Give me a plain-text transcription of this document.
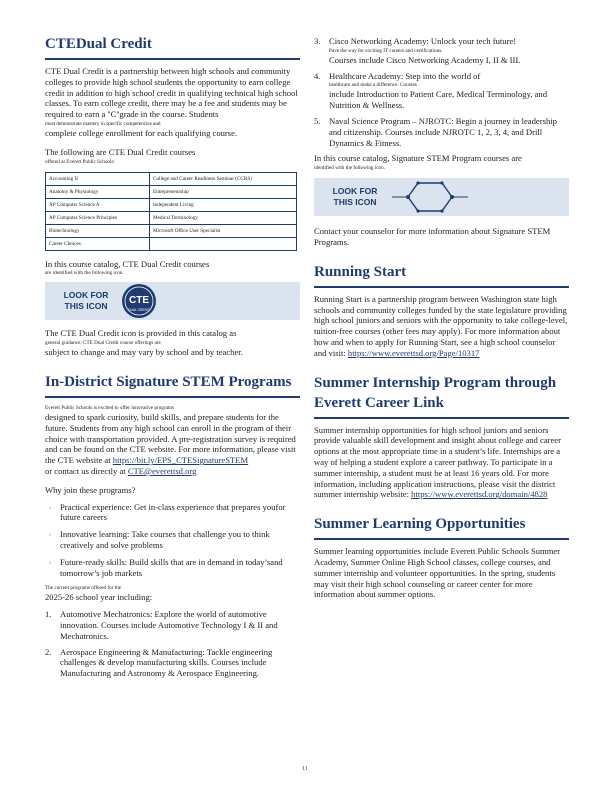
CTEDual Credit

CTE Dual Credit is a partnership between high schools and community colleges to provide high school students the opportunity to earn college credit in addition to high school credit in qualifying technical high school classes. To earn college credit, there may be a fee and students may be required to earn a ''C''grade in the course. Students
must demonstrate mastery in specific competencies and
complete college enrollment for each qualifying course.

The following are CTE Dual Credit courses
offered at Everett Public Schools:

Accounting II	College and Career Readiness Seminar (CCRS)
Anatomy & Physiology	Entrepreneurship
AP Computer Science A	Independent Living
AP Computer Science Principles	Medical Terminology
Biotechnology	Microsoft Office User Specialist
Career Choices	

In this course catalog, CTE Dual Credit courses
are identified with the following icon.

LOOK FOR
THIS ICON	CTE
DUAL CREDIT

The CTE Dual Credit icon is provided in this catalog as
general guidance; CTE Dual Credit course offerings are
subject to change and may vary by school and by teacher.

In-District Signature STEM Programs

Everett Public Schools is excited to offer innovative programs
designed to spark curiosity, build skills, and prepare students for the future. Students from any high school can enroll in the program of their choice with transportation provided. A pre-registration survey is required and can be found on the CTE website. For more information, please visit the CTE website at https://bit.ly/EPS_CTESignatureSTEM
or contact us directly at CTE@everettsd.org

Why join these programs?

› Practical experience: Get in-class experience that prepares youfor future careers
› Innovative learning: Take courses that challenge you to think creatively and solve problems
› Future-ready skills: Build skills that are in demand in today’sand tomorrow’s job markets

The current programs offered for the
2025-26 school year including:

1. Automotive Mechatronics: Explore the world of automotive innovation. Courses include Automotive Technology I & II and Mechatronics.
2. Aerospace Engineering & Manufacturing: Tackle engineering challenges & develop manufacturing skills. Courses include Manufacturing and Astronomy & Aerospace Engineering.
3. Cisco Networking Academy: Unlock your tech future!
Pave the way for exciting IT careers and certifications.
Courses include Cisco Networking Academy I, II & III.
4. Healthcare Academy: Step into the world of
healthcare and make a difference. Courses
include Introduction to Patient Care, Medical Terminology, and Nutrition & Wellness.
5. Naval Science Program – NJROTC: Begin a journey in leadership and citizenship. Courses include NJROTC 1, 2, 3, 4, and Drill Dynamics & Fitness.

In this course catalog, Signature STEM Program courses are
identified with the following icon.

LOOK FOR
THIS ICON

Contact your counselor for more information about Signature STEM Programs.

Running Start

Running Start is a partnership program between Washington state high schools and community colleges funded by the state legislature providing high school juniors and seniors with the opportunity to take college-level, tuition-free courses (other fees may apply). For more information about how and when to apply for Running Start, see a high school counselor and visit: https://www.everettsd.org/Page/10317

Summer Internship Program through Everett Career Link

Summer internship opportunities for high school juniors and seniors provide valuable skill development and insight about college and career options at the most appropriate time in a student’s life. Internships are a way of helping a student explore a career pathway. To participate in a summer internship, a student must be at least 16 years old. For more information, including application instructions, please visit the district summer internship website: https://www.everettsd.org/domain/4828

Summer Learning Opportunities

Summer learning opportunities include Everett Public Schools Summer Academy, Summer Online High School classes, college courses, and summer internship and volunteer opportunities. In the spring, students may visit their high school counseling or career center for more information about summer options.

11
